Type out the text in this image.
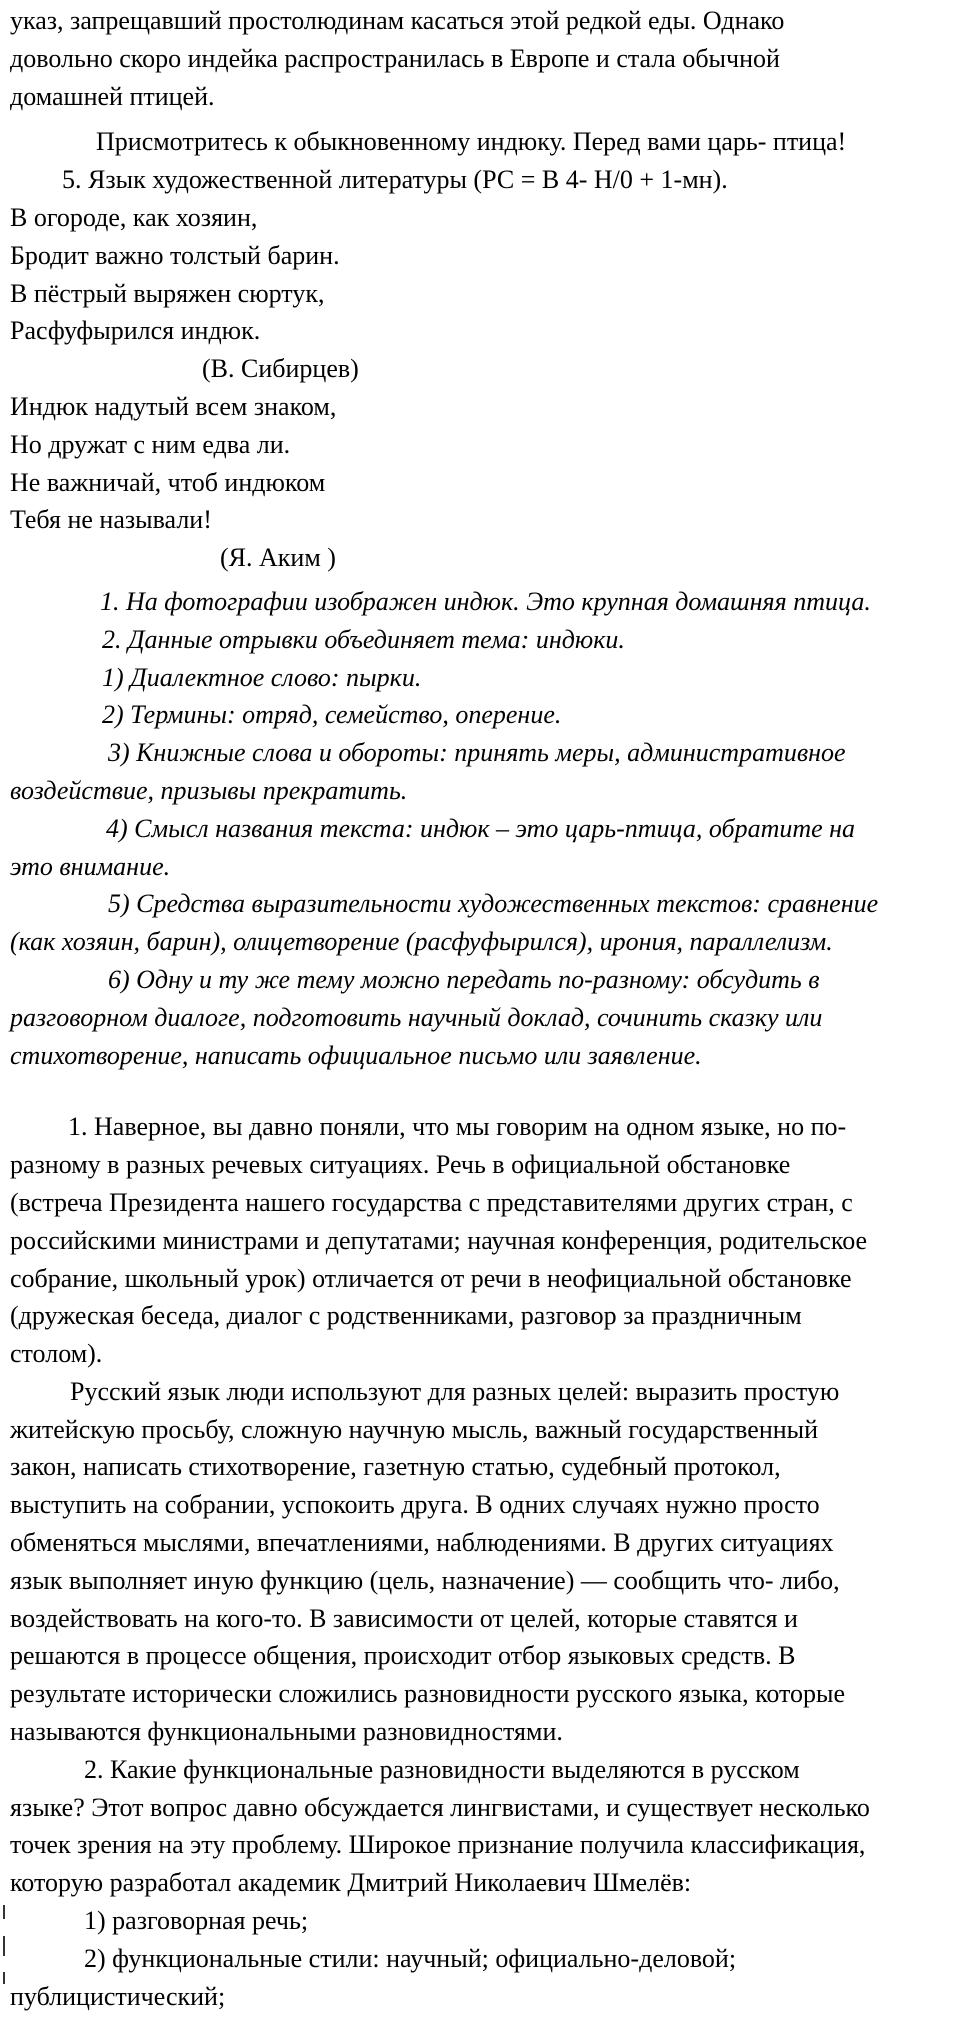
указ, запрещавший простолюдинам касаться этой редкой еды. Однако

довольно скоро индейка распространилась в Европе и стала обычной

домашней птицей.

Присмотритесь к обыкновенному индюку. Перед вами царь- птица!

5. Язык художественной литературы (РС = В 4- Н/0 + 1-мн).

В огороде, как хозяин,

Бродит важно толстый барин.

В пёстрый выряжен сюртук,

Расфуфырился индюк.

(В. Сибирцев)

Индюк надутый всем знаком,

Но дружат с ним едва ли.

Не важничай, чтоб индюком

Тебя не называли!

(Я. Аким )

1. На фотографии изображен индюк. Это крупная домашняя птица.

2. Данные отрывки объединяет тема: индюки.

1) Диалектное слово: пырки.

2) Термины: отряд, семейство, оперение.

3) Книжные слова и обороты: принять меры, административное

воздействие, призывы прекратить.

4) Смысл названия текста: индюк – это царь-птица, обратите на

это внимание.

5) Средства выразительности художественных текстов: сравнение

(как хозяин, барин), олицетворение (расфуфырился), ирония, параллелизм.

6) Одну и ту же тему можно передать по-разному: обсудить в

разговорном диалоге, подготовить научный доклад, сочинить сказку или

стихотворение, написать официальное письмо или заявление.

1. Наверное, вы давно поняли, что мы говорим на одном языке, но по-

разному в разных речевых ситуациях. Речь в официальной обстановке

(встреча Президента нашего государства с представителями других стран, с

российскими министрами и депутатами; научная конференция, родительское

собрание, школьный урок) отличается от речи в неофициальной обстановке

(дружеская беседа, диалог с родственниками, разговор за праздничным

столом).

Русский язык люди используют для разных целей: выразить простую

житейскую просьбу, сложную научную мысль, важный государственный

закон, написать стихотворение, газетную статью, судебный протокол,

выступить на собрании, успокоить друга. В одних случаях нужно просто

обменяться мыслями, впечатлениями, наблюдениями. В других ситуациях

язык выполняет иную функцию (цель, назначение) — сообщить что- либо,

воздействовать на кого-то. В зависимости от целей, которые ставятся и

решаются в процессе общения, происходит отбор языковых средств. В

результате исторически сложились разновидности русского языка, которые

называются функциональными разновидностями.

2. Какие функциональные разновидности выделяются в русском

языке? Этот вопрос давно обсуждается лингвистами, и существует несколько

точек зрения на эту проблему. Широкое признание получила классификация,

которую разработал академик Дмитрий Николаевич Шмелёв:

1) разговорная речь;

2) функциональные стили: научный; официально-деловой;

публицистический;
